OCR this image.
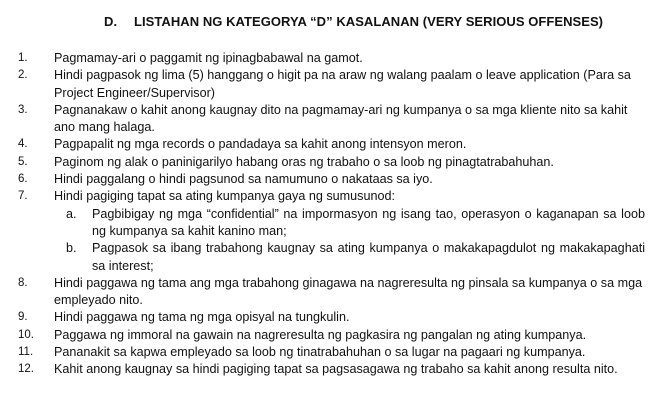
D. LISTAHAN NG KATEGORYA “D” KASALANAN (VERY SERIOUS OFFENSES)
1.	Pagmamay-ari o paggamit ng ipinagbabawal na gamot.
2.	Hindi pagpasok ng lima (5) hanggang o higit pa na araw ng walang paalam o leave application (Para sa Project Engineer/Supervisor)
3.	Pagnanakaw o kahit anong kaugnay dito na pagmamay-ari ng kumpanya o sa mga kliente nito sa kahit ano mang halaga.
4.	Pagpapalit ng mga records o pandadaya sa kahit anong intensyon meron.
5.	Paginom ng alak o paninigarilyo habang oras ng trabaho o sa loob ng pinagtatrabahuhan.
6.	Hindi paggalang o hindi pagsunod sa namumuno o nakataas sa iyo.
7.	Hindi pagiging tapat sa ating kumpanya gaya ng sumusunod:
a.	Pagbibigay ng mga “confidential” na impormasyon ng isang tao, operasyon o kaganapan sa loob ng kumpanya sa kahit kanino man;
b.	Pagpasok sa ibang trabahong kaugnay sa ating kumpanya o makakapagdulot ng makakapaghati sa interest;
8.	Hindi paggawa ng tama ang mga trabahong ginagawa na nagreresulta ng pinsala sa kumpanya o sa mga empleyado nito.
9.	Hindi paggawa ng tama ng mga opisyal na tungkulin.
10.	Paggawa ng immoral na gawain na nagreresulta ng pagkasira ng pangalan ng ating kumpanya.
11.	Pananakit sa kapwa empleyado sa loob ng tinatrabahuhan o sa lugar na pagaari ng kumpanya.
12.	Kahit anong kaugnay sa hindi pagiging tapat sa pagsasagawa ng trabaho sa kahit anong resulta nito.
